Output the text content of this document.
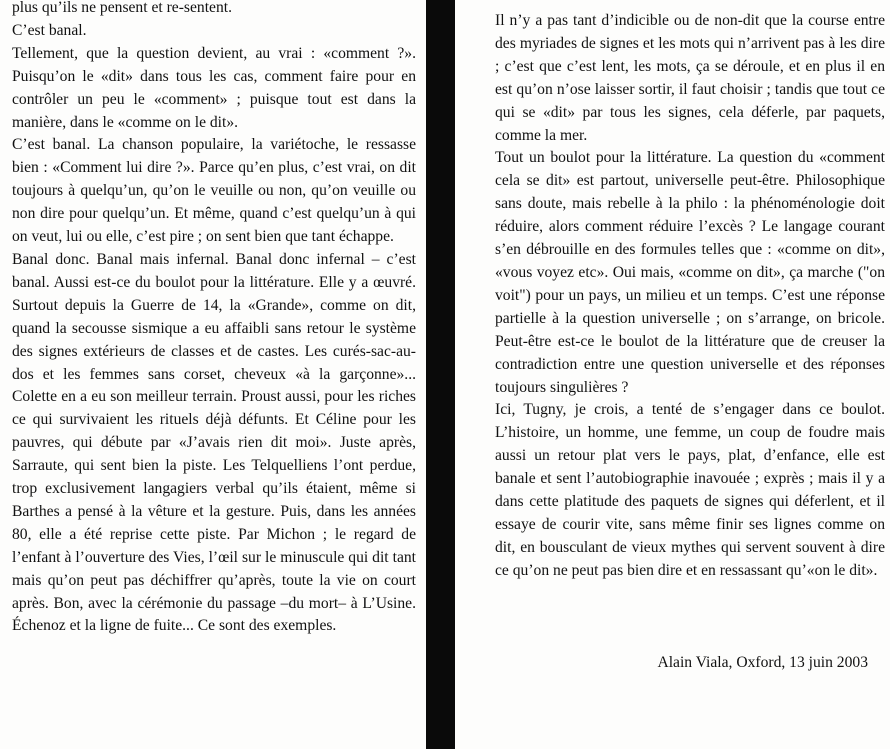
plus qu’ils ne pensent et re-sentent.

C’est banal.

Tellement, que la question devient, au vrai : «comment ?». Puisqu’on le «dit» dans tous les cas, comment faire pour en contrôler un peu le «comment» ; puisque tout est dans la manière, dans le «comme on le dit».

C’est banal. La chanson populaire, la variétoche, le ressasse bien : «Comment lui dire ?». Parce qu’en plus, c’est vrai, on dit toujours à quelqu’un, qu’on le veuille ou non, qu’on veuille ou non dire pour quelqu’un. Et même, quand c’est quelqu’un à qui on veut, lui ou elle, c’est pire ; on sent bien que tant échappe.

Banal donc. Banal mais infernal. Banal donc infernal – c’est banal. Aussi est-ce du boulot pour la littérature. Elle y a œuvré. Surtout depuis la Guerre de 14, la «Grande», comme on dit, quand la secousse sismique a eu affaibli sans retour le système des signes extérieurs de classes et de castes. Les curés-sac-au-dos et les femmes sans corset, cheveux «à la garçonne»... Colette en a eu son meilleur terrain. Proust aussi, pour les riches ce qui survivaient les rituels déjà défunts. Et Céline pour les pauvres, qui débute par «J’avais rien dit moi». Juste après, Sarraute, qui sent bien la piste. Les Telquelliens l’ont perdue, trop exclusivement langagiers verbal qu’ils étaient, même si Barthes a pensé à la vêture et la gesture. Puis, dans les années 80, elle a été reprise cette piste. Par Michon ; le regard de l’enfant à l’ouverture des Vies, l’œil sur le minuscule qui dit tant mais qu’on peut pas déchiffrer qu’après, toute la vie on court après. Bon, avec la cérémonie du passage –du mort– à L’Usine. Échenoz et la ligne de fuite... Ce sont des exemples.

Il n’y a pas tant d’indicible ou de non-dit que la course entre des myriades de signes et les mots qui n’arrivent pas à les dire ; c’est que c’est lent, les mots, ça se déroule, et en plus il en est qu’on n’ose laisser sortir, il faut choisir ; tandis que tout ce qui se «dit» par tous les signes, cela déferle, par paquets, comme la mer.

Tout un boulot pour la littérature. La question du «comment cela se dit» est partout, universelle peut-être. Philosophique sans doute, mais rebelle à la philo : la phénoménologie doit réduire, alors comment réduire l’excès ? Le langage courant s’en débrouille en des formules telles que : «comme on dit», «vous voyez etc». Oui mais, «comme on dit», ça marche ("on voit") pour un pays, un milieu et un temps. C’est une réponse partielle à la question universelle ; on s’arrange, on bricole. Peut-être est-ce le boulot de la littérature que de creuser la contradiction entre une question universelle et des réponses toujours singulières ?

Ici, Tugny, je crois, a tenté de s’engager dans ce boulot. L’histoire, un homme, une femme, un coup de foudre mais aussi un retour plat vers le pays, plat, d’enfance, elle est banale et sent l’autobiographie inavouée ; exprès ; mais il y a dans cette platitude des paquets de signes qui déferlent, et il essaye de courir vite, sans même finir ses lignes comme on dit, en bousculant de vieux mythes qui servent souvent à dire ce qu’on ne peut pas bien dire et en ressassant qu’«on le dit».

Alain Viala, Oxford, 13 juin 2003
